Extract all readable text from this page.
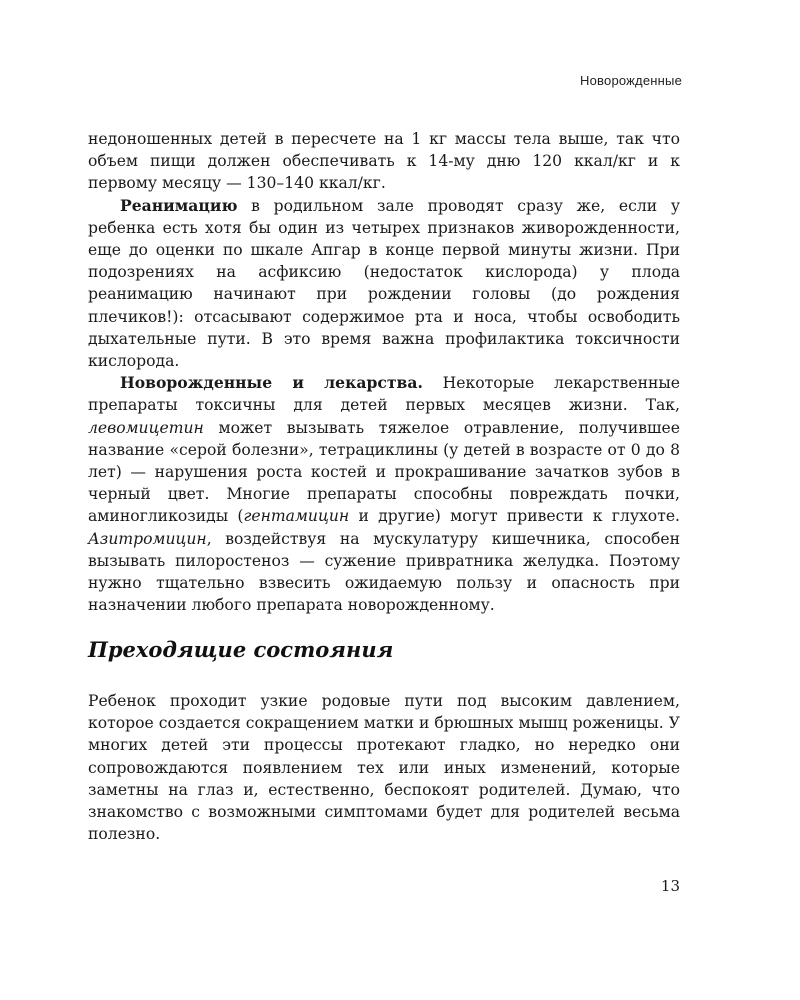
Новорожденные

недоношенных детей в пересчете на 1 кг массы тела выше, так что объем пищи должен обеспечивать к 14-му дню 120 ккал/кг и к первому месяцу — 130–140 ккал/кг.

Реанимацию в родильном зале проводят сразу же, если у ребенка есть хотя бы один из четырех признаков живорожденности, еще до оценки по шкале Апгар в конце первой минуты жизни. При подозрениях на асфиксию (недостаток кислорода) у плода реанимацию начинают при рождении головы (до рождения плечиков!): отсасывают содержимое рта и носа, чтобы освободить дыхательные пути. В это время важна профилактика токсичности кислорода.

Новорожденные и лекарства. Некоторые лекарственные препараты токсичны для детей первых месяцев жизни. Так, левомицетин может вызывать тяжелое отравление, получившее название «серой болезни», тетрациклины (у детей в возрасте от 0 до 8 лет) — нарушения роста костей и прокрашивание зачатков зубов в черный цвет. Многие препараты способны повреждать почки, аминогликозиды (гентамицин и другие) могут привести к глухоте. Азитромицин, воздействуя на мускулатуру кишечника, способен вызывать пилоростеноз — сужение привратника желудка. Поэтому нужно тщательно взвесить ожидаемую пользу и опасность при назначении любого препарата новорожденному.

Преходящие состояния

Ребенок проходит узкие родовые пути под высоким давлением, которое создается сокращением матки и брюшных мышц роженицы. У многих детей эти процессы протекают гладко, но нередко они сопровождаются появлением тех или иных изменений, которые заметны на глаз и, естественно, беспокоят родителей. Думаю, что знакомство с возможными симптомами будет для родителей весьма полезно.

13
